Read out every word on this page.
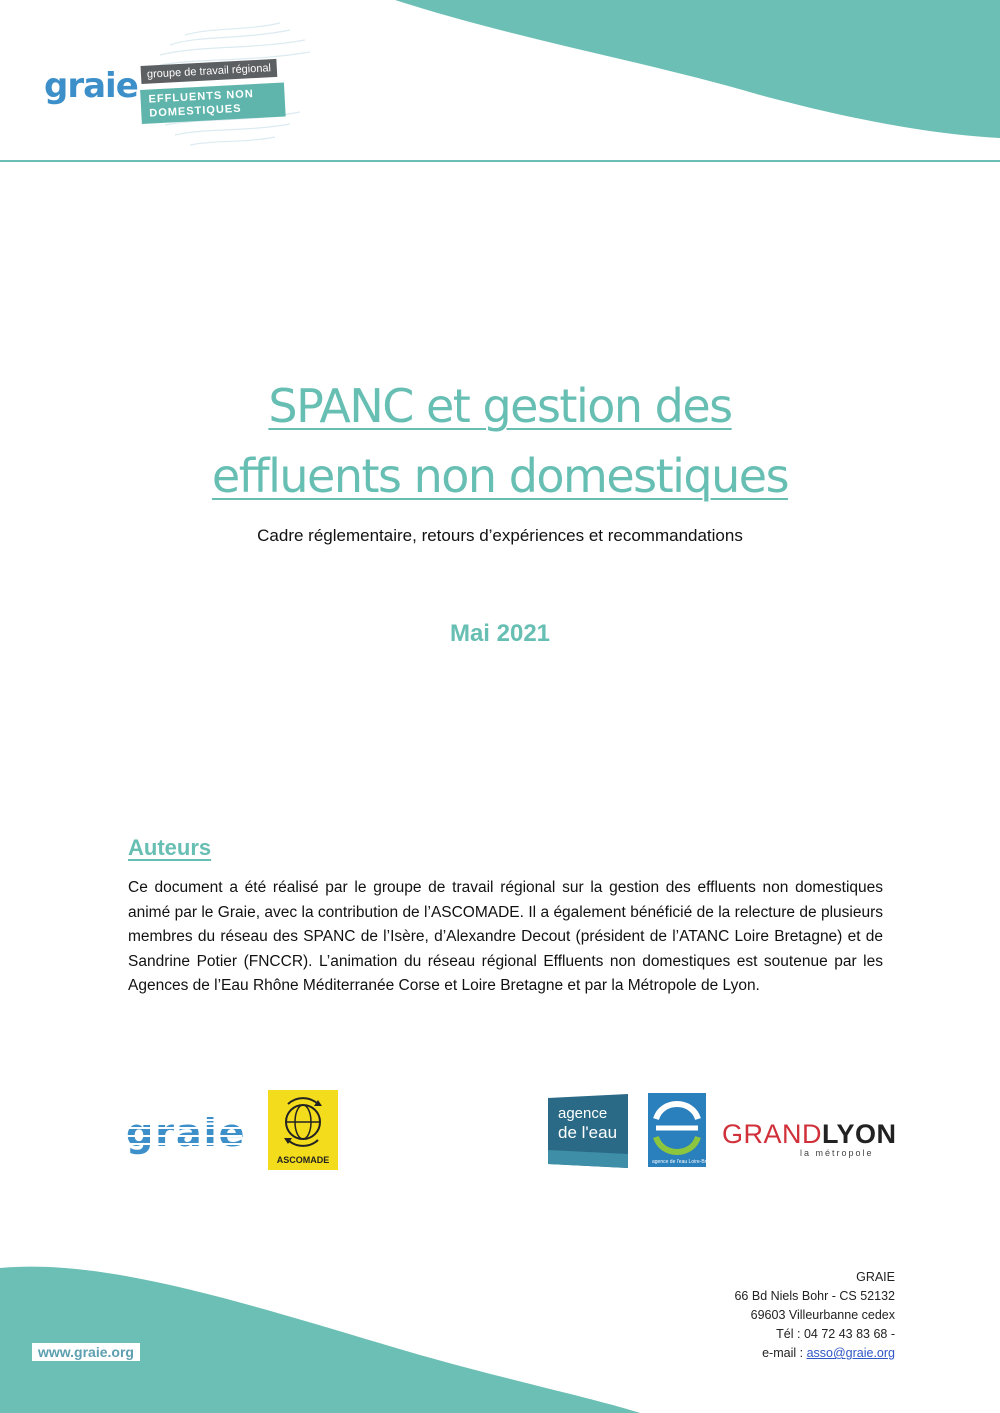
graie groupe de travail régional
EFFLUENTS NON DOMESTIQUES
SPANC et gestion des
effluents non domestiques
Cadre réglementaire, retours d’expériences et recommandations
Mai 2021
Auteurs
Ce document a été réalisé par le groupe de travail régional sur la gestion des effluents non domestiques animé par le Graie, avec la contribution de l’ASCOMADE. Il a également bénéficié de la relecture de plusieurs membres du réseau des SPANC de l’Isère, d’Alexandre Decout (président de l’ATANC Loire Bretagne) et de Sandrine Potier (FNCCR). L’animation du réseau régional Effluents non domestiques est soutenue par les Agences de l’Eau Rhône Méditerranée Corse et Loire Bretagne et par la Métropole de Lyon.
graie
ASCOMADE
agence
de l'eau
agence de l'eau Loire-Bretagne
GRANDLYON
la métropole
www.graie.org
GRAIE
66 Bd Niels Bohr - CS 52132
69603 Villeurbanne cedex
Tél : 04 72 43 83 68 -
e-mail : asso@graie.org
